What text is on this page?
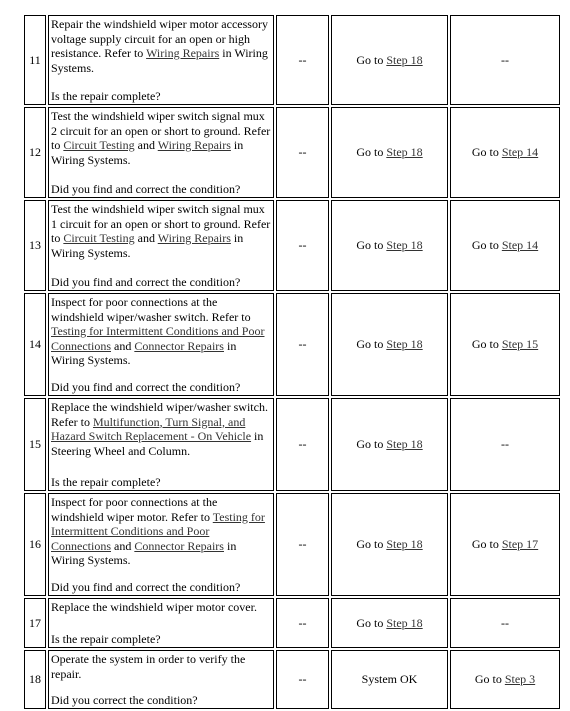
11	Repair the windshield wiper motor accessory voltage supply circuit for an open or high resistance. Refer to Wiring Repairs in Wiring Systems.
Is the repair complete?	--	Go to Step 18	--
12	Test the windshield wiper switch signal mux 2 circuit for an open or short to ground. Refer to Circuit Testing and Wiring Repairs in Wiring Systems.
Did you find and correct the condition?	--	Go to Step 18	Go to Step 14
13	Test the windshield wiper switch signal mux 1 circuit for an open or short to ground. Refer to Circuit Testing and Wiring Repairs in Wiring Systems.
Did you find and correct the condition?	--	Go to Step 18	Go to Step 14
14	Inspect for poor connections at the windshield wiper/washer switch. Refer to Testing for Intermittent Conditions and Poor Connections and Connector Repairs in Wiring Systems.
Did you find and correct the condition?	--	Go to Step 18	Go to Step 15
15	Replace the windshield wiper/washer switch. Refer to Multifunction, Turn Signal, and Hazard Switch Replacement - On Vehicle in Steering Wheel and Column.
Is the repair complete?	--	Go to Step 18	--
16	Inspect for poor connections at the windshield wiper motor. Refer to Testing for Intermittent Conditions and Poor Connections and Connector Repairs in Wiring Systems.
Did you find and correct the condition?	--	Go to Step 18	Go to Step 17
17	Replace the windshield wiper motor cover.
Is the repair complete?	--	Go to Step 18	--
18	Operate the system in order to verify the repair.
Did you correct the condition?	--	System OK	Go to Step 3
